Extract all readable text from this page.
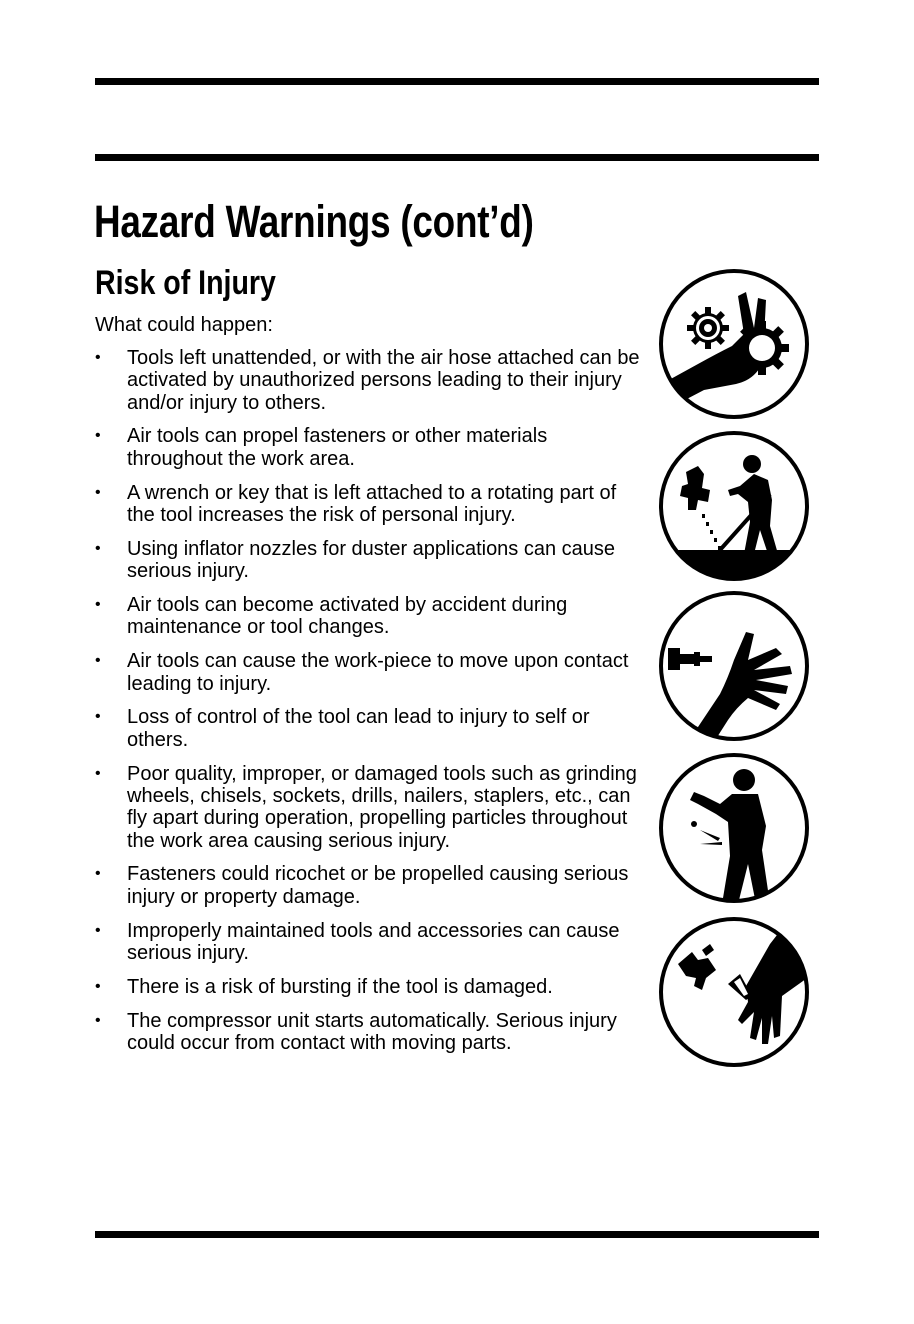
Hazard Warnings (cont’d)
Risk of Injury

What could happen:

• Tools left unattended, or with the air hose attached can be activated by unauthorized persons leading to their injury and/or injury to others.
• Air tools can propel fasteners or other materials throughout the work area.
• A wrench or key that is left attached to a rotating part of the tool increases the risk of personal injury.
• Using inflator nozzles for duster applications can cause serious injury.
• Air tools can become activated by accident during maintenance or tool changes.
• Air tools can cause the work-piece to move upon contact leading to injury.
• Loss of control of the tool can lead to injury to self or others.
• Poor quality, improper, or damaged tools such as grinding wheels, chisels, sockets, drills, nailers, staplers, etc., can fly apart during operation, propelling particles throughout the work area causing serious injury.
• Fasteners could ricochet or be propelled causing serious injury or property damage.
• Improperly maintained tools and accessories can cause serious injury.
• There is a risk of bursting if the tool is damaged.
• The compressor unit starts automatically. Serious injury could occur from contact with moving parts.
